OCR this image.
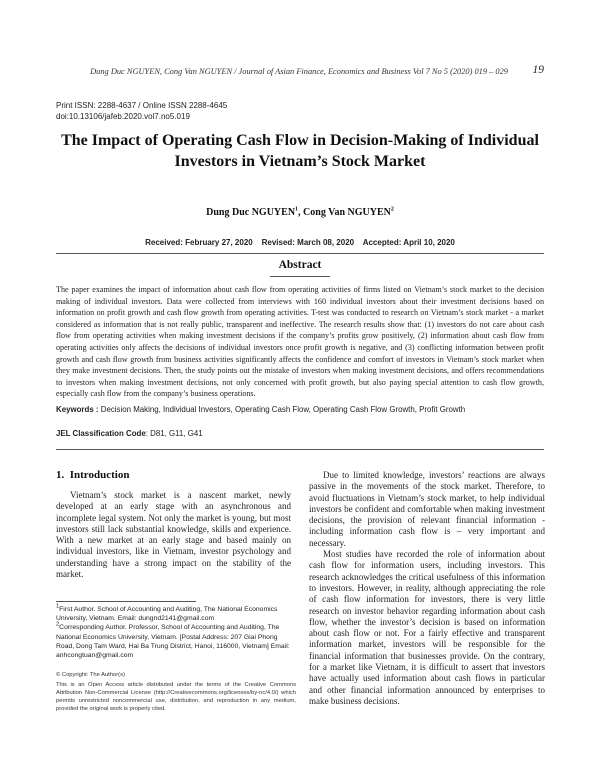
Dung Duc NGUYEN, Cong Van NGUYEN / Journal of Asian Finance, Economics and Business Vol 7 No 5 (2020) 019 – 029 19
Print ISSN: 2288-4637 / Online ISSN 2288-4645
doi:10.13106/jafeb.2020.vol7.no5.019
The Impact of Operating Cash Flow in Decision-Making of Individual
Investors in Vietnam’s Stock Market
Dung Duc NGUYEN$^1$, Cong Van NGUYEN$^2$
Received: February 27, 2020    Revised: March 08, 2020    Accepted: April 10, 2020
Abstract
The paper examines the impact of information about cash flow from operating activities of firms listed on Vietnam’s stock market to the decision making of individual investors. Data were collected from interviews with 160 individual investors about their investment decisions based on information on profit growth and cash flow growth from operating activities. T-test was conducted to research on Vietnam’s stock market - a market considered as information that is not really public, transparent and ineffective. The research results show that: (1) investors do not care about cash flow from operating activities when making investment decisions if the company’s profits grow positively, (2) information about cash flow from operating activities only affects the decisions of individual investors once profit growth is negative, and (3) conflicting information between profit growth and cash flow growth from business activities significantly affects the confidence and comfort of investors in Vietnam’s stock market when they make investment decisions. Then, the study points out the mistake of investors when making investment decisions, and offers recommendations to investors when making investment decisions, not only concerned with profit growth, but also paying special attention to cash flow growth, especially cash flow from the company’s business operations.
Keywords : Decision Making, Individual Investors, Operating Cash Flow, Operating Cash Flow Growth, Profit Growth
JEL Classification Code: D81, G11, G41
1.  Introduction

Vietnam’s stock market is a nascent market, newly developed at an early stage with an asynchronous and incomplete legal system. Not only the market is young, but most investors still lack substantial knowledge, skills and experience. With a new market at an early stage and based mainly on individual investors, like in Vietnam, investor psychology and understanding have a strong impact on the stability of the market.

Due to limited knowledge, investors’ reactions are always passive in the movements of the stock market. Therefore, to avoid fluctuations in Vietnam’s stock market, to help individual investors be confident and comfortable when making investment decisions, the provision of relevant financial information - including information cash flow is – very important and necessary.

Most studies have recorded the role of information about cash flow for information users, including investors. This research acknowledges the critical usefulness of this information to investors. However, in reality, although appreciating the role of cash flow information for investors, there is very little research on investor behavior regarding information about cash flow, whether the investor’s decision is based on information about cash flow or not. For a fairly effective and transparent information market, investors will be responsible for the financial information that businesses provide. On the contrary, for a market like Vietnam, it is difficult to assert that investors have actually used information about cash flows in particular and other financial information announced by enterprises to make business decisions.

$^1$First Author. School of Accounting and Auditing, The National Economics University, Vietnam. Email: dungnd2141@gmail.com

$^2$Corresponding Author. Professor, School of Accounting and Auditing, The National Economics University, Vietnam. [Postal Address: 207 Giai Phong Road, Dong Tam Ward, Hai Ba Trung District, Hanoi, 116000, Vietnam] Email: anhcongtuan@gmail.com

© Copyright: The Author(s)

This is an Open Access article distributed under the terms of the Creative Commons Attribution Non-Commercial License (http://Creativecommons.org/licenses/by-nc/4.0/) which permits unrestricted noncommercial use, distribution, and reproduction in any medium, provided the original work is properly cited.
